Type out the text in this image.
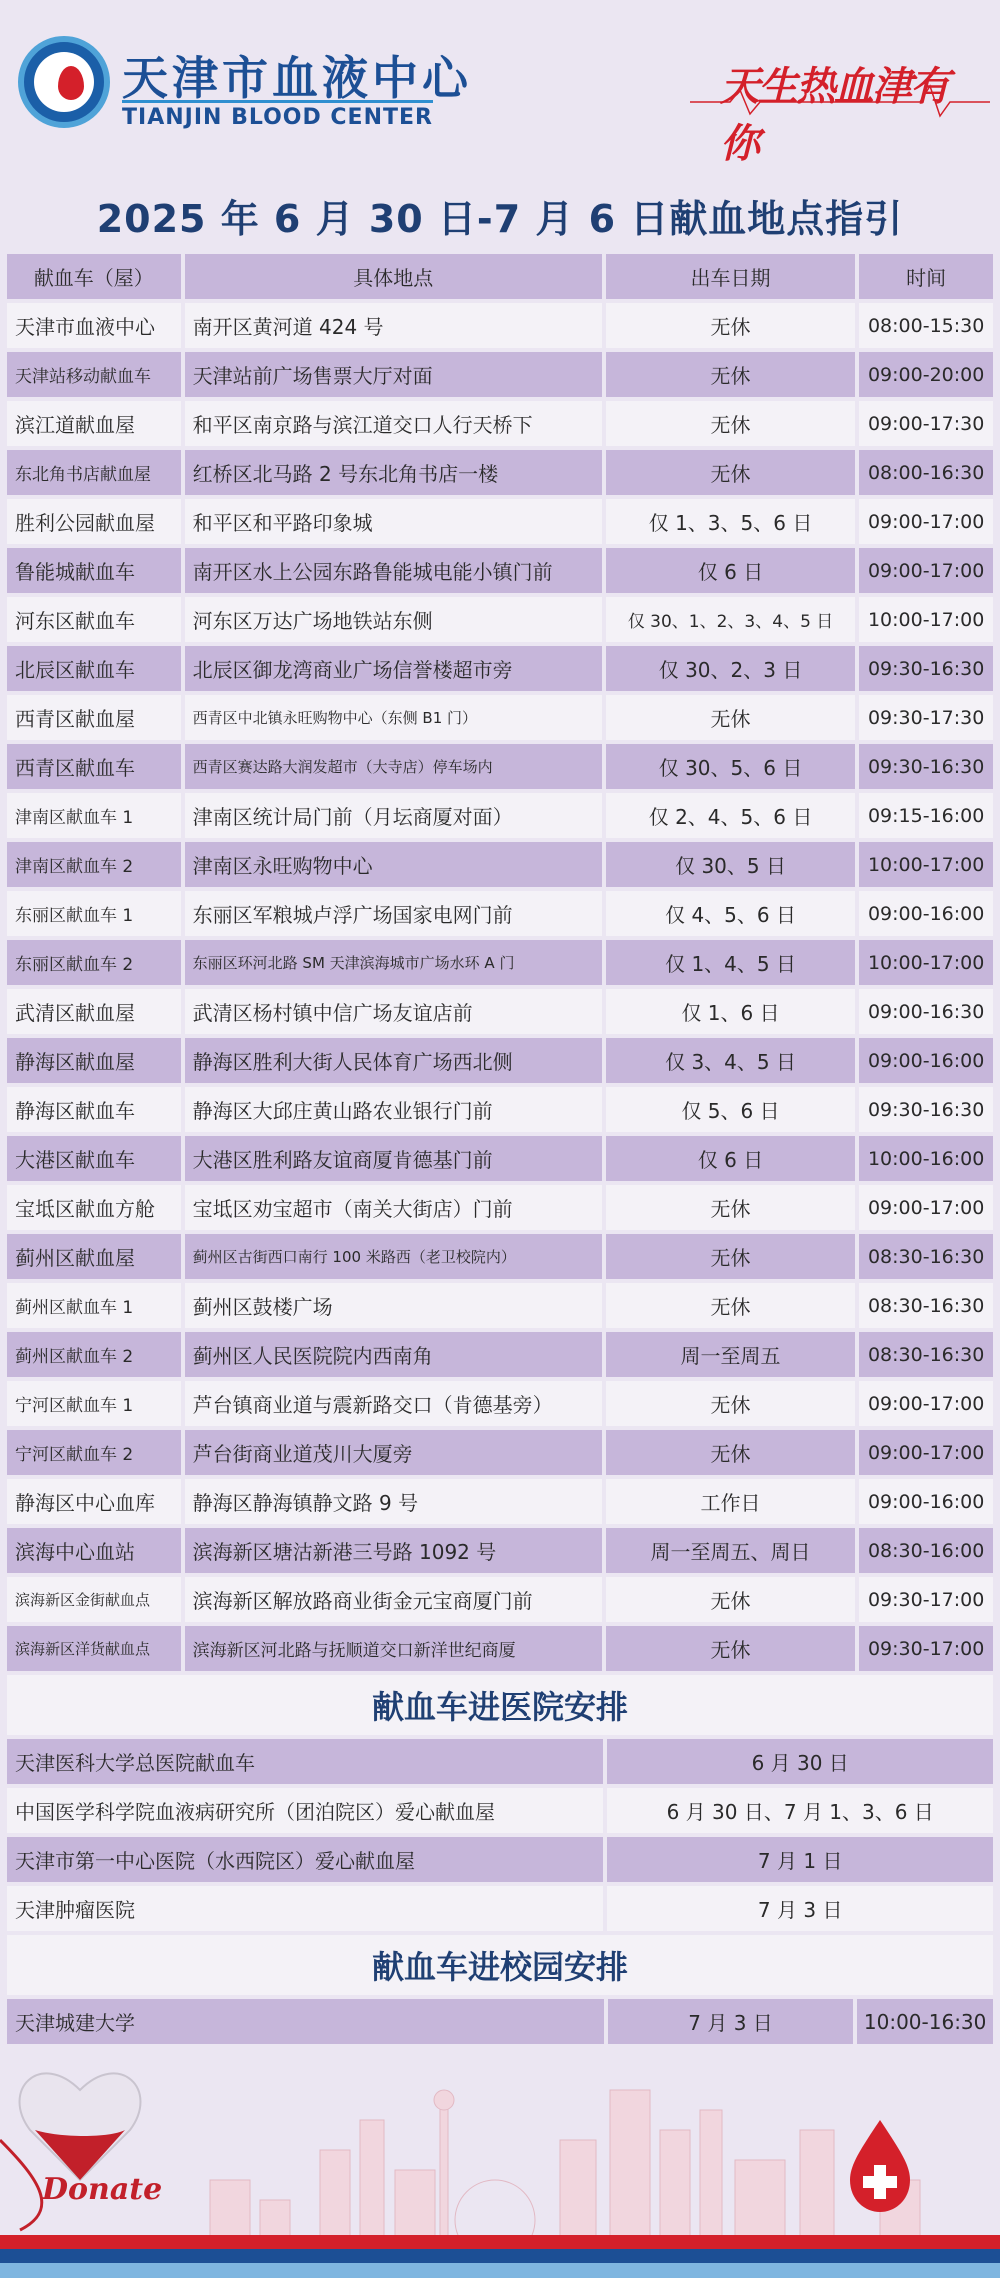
天津市血液中心
TIANJIN BLOOD CENTER
天生热血津有你
2025 年 6 月 30 日-7 月 6 日献血地点指引
献血车（屋）	具体地点	出车日期	时间
天津市血液中心	南开区黄河道 424 号	无休	08:00-15:30
天津站移动献血车	天津站前广场售票大厅对面	无休	09:00-20:00
滨江道献血屋	和平区南京路与滨江道交口人行天桥下	无休	09:00-17:30
东北角书店献血屋	红桥区北马路 2 号东北角书店一楼	无休	08:00-16:30
胜利公园献血屋	和平区和平路印象城	仅 1、3、5、6 日	09:00-17:00
鲁能城献血车	南开区水上公园东路鲁能城电能小镇门前	仅 6 日	09:00-17:00
河东区献血车	河东区万达广场地铁站东侧	仅 30、1、2、3、4、5 日	10:00-17:00
北辰区献血车	北辰区御龙湾商业广场信誉楼超市旁	仅 30、2、3 日	09:30-16:30
西青区献血屋	西青区中北镇永旺购物中心（东侧 B1 门）	无休	09:30-17:30
西青区献血车	西青区赛达路大润发超市（大寺店）停车场内	仅 30、5、6 日	09:30-16:30
津南区献血车 1	津南区统计局门前（月坛商厦对面）	仅 2、4、5、6 日	09:15-16:00
津南区献血车 2	津南区永旺购物中心	仅 30、5 日	10:00-17:00
东丽区献血车 1	东丽区军粮城卢浮广场国家电网门前	仅 4、5、6 日	09:00-16:00
东丽区献血车 2	东丽区环河北路 SM 天津滨海城市广场水环 A 门	仅 1、4、5 日	10:00-17:00
武清区献血屋	武清区杨村镇中信广场友谊店前	仅 1、6 日	09:00-16:30
静海区献血屋	静海区胜利大街人民体育广场西北侧	仅 3、4、5 日	09:00-16:00
静海区献血车	静海区大邱庄黄山路农业银行门前	仅 5、6 日	09:30-16:30
大港区献血车	大港区胜利路友谊商厦肯德基门前	仅 6 日	10:00-16:00
宝坻区献血方舱	宝坻区劝宝超市（南关大街店）门前	无休	09:00-17:00
蓟州区献血屋	蓟州区古街西口南行 100 米路西（老卫校院内）	无休	08:30-16:30
蓟州区献血车 1	蓟州区鼓楼广场	无休	08:30-16:30
蓟州区献血车 2	蓟州区人民医院院内西南角	周一至周五	08:30-16:30
宁河区献血车 1	芦台镇商业道与震新路交口（肯德基旁）	无休	09:00-17:00
宁河区献血车 2	芦台街商业道茂川大厦旁	无休	09:00-17:00
静海区中心血库	静海区静海镇静文路 9 号	工作日	09:00-16:00
滨海中心血站	滨海新区塘沽新港三号路 1092 号	周一至周五、周日	08:30-16:00
滨海新区金街献血点	滨海新区解放路商业街金元宝商厦门前	无休	09:30-17:00
滨海新区洋货献血点	滨海新区河北路与抚顺道交口新洋世纪商厦	无休	09:30-17:00
献血车进医院安排
天津医科大学总医院献血车	6 月 30 日
中国医学科学院血液病研究所（团泊院区）爱心献血屋	6 月 30 日、7 月 1、3、6 日
天津市第一中心医院（水西院区）爱心献血屋	7 月 1 日
天津肿瘤医院	7 月 3 日
献血车进校园安排
天津城建大学	7 月 3 日	10:00-16:30
Donate
